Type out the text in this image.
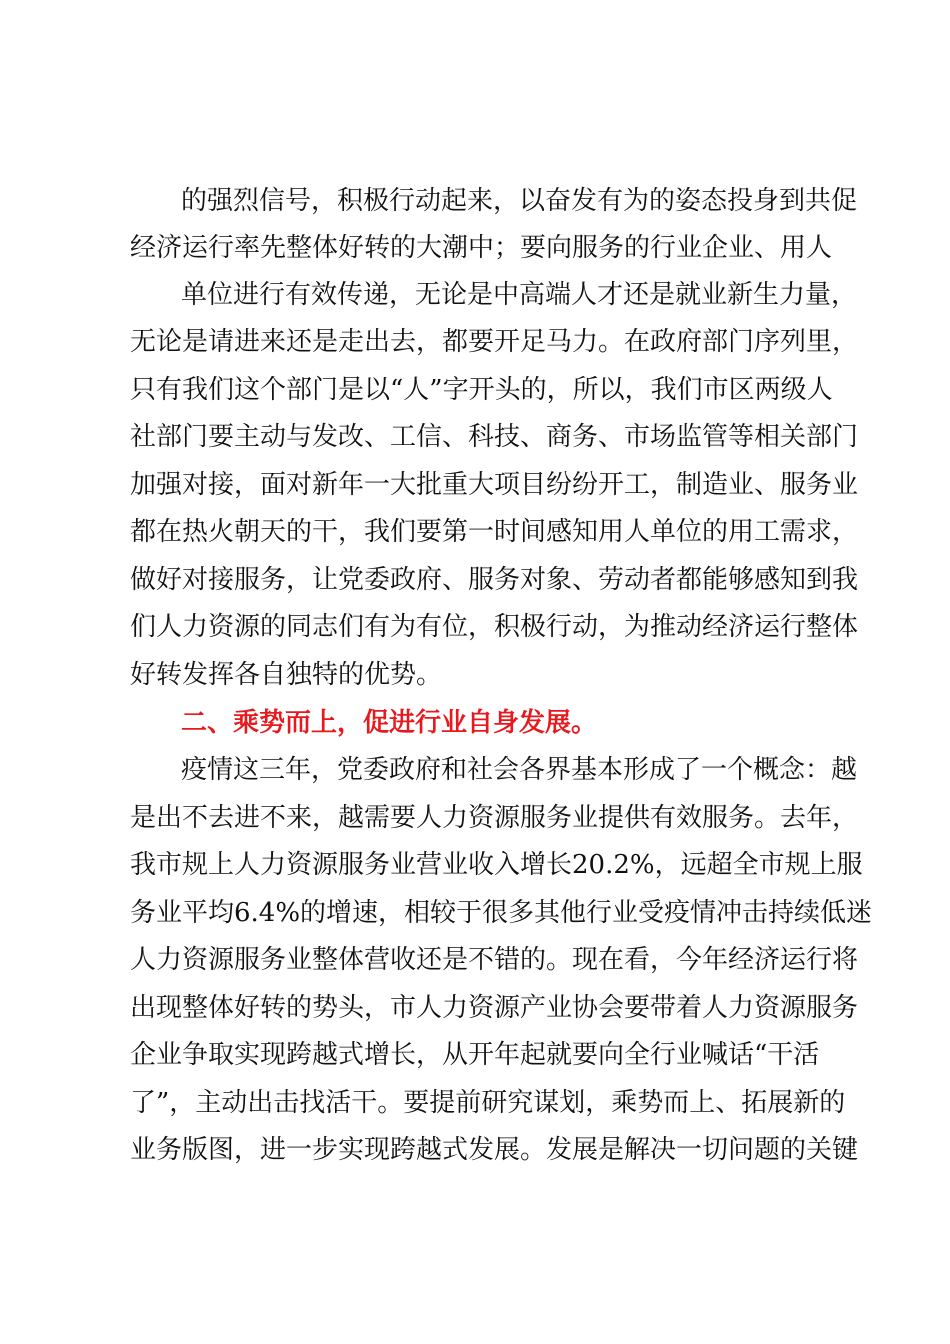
的强烈信号，积极行动起来，以奋发有为的姿态投身到共促

经济运行率先整体好转的大潮中；要向服务的行业企业、用人

单位进行有效传递，无论是中高端人才还是就业新生力量，

无论是请进来还是走出去，都要开足马力。在政府部门序列里，

只有我们这个部门是以“人”字开头的，所以，我们市区两级人

社部门要主动与发改、工信、科技、商务、市场监管等相关部门

加强对接，面对新年一大批重大项目纷纷开工，制造业、服务业

都在热火朝天的干，我们要第一时间感知用人单位的用工需求，

做好对接服务，让党委政府、服务对象、劳动者都能够感知到我

们人力资源的同志们有为有位，积极行动，为推动经济运行整体

好转发挥各自独特的优势。

二、乘势而上，促进行业自身发展。

疫情这三年，党委政府和社会各界基本形成了一个概念：越

是出不去进不来，越需要人力资源服务业提供有效服务。去年，

我市规上人力资源服务业营业收入增长20.2%，远超全市规上服

务业平均6.4%的增速，相较于很多其他行业受疫情冲击持续低迷

人力资源服务业整体营收还是不错的。现在看，今年经济运行将

出现整体好转的势头，市人力资源产业协会要带着人力资源服务

企业争取实现跨越式增长，从开年起就要向全行业喊话“干活

了”，主动出击找活干。要提前研究谋划，乘势而上、拓展新的

业务版图，进一步实现跨越式发展。发展是解决一切问题的关键
